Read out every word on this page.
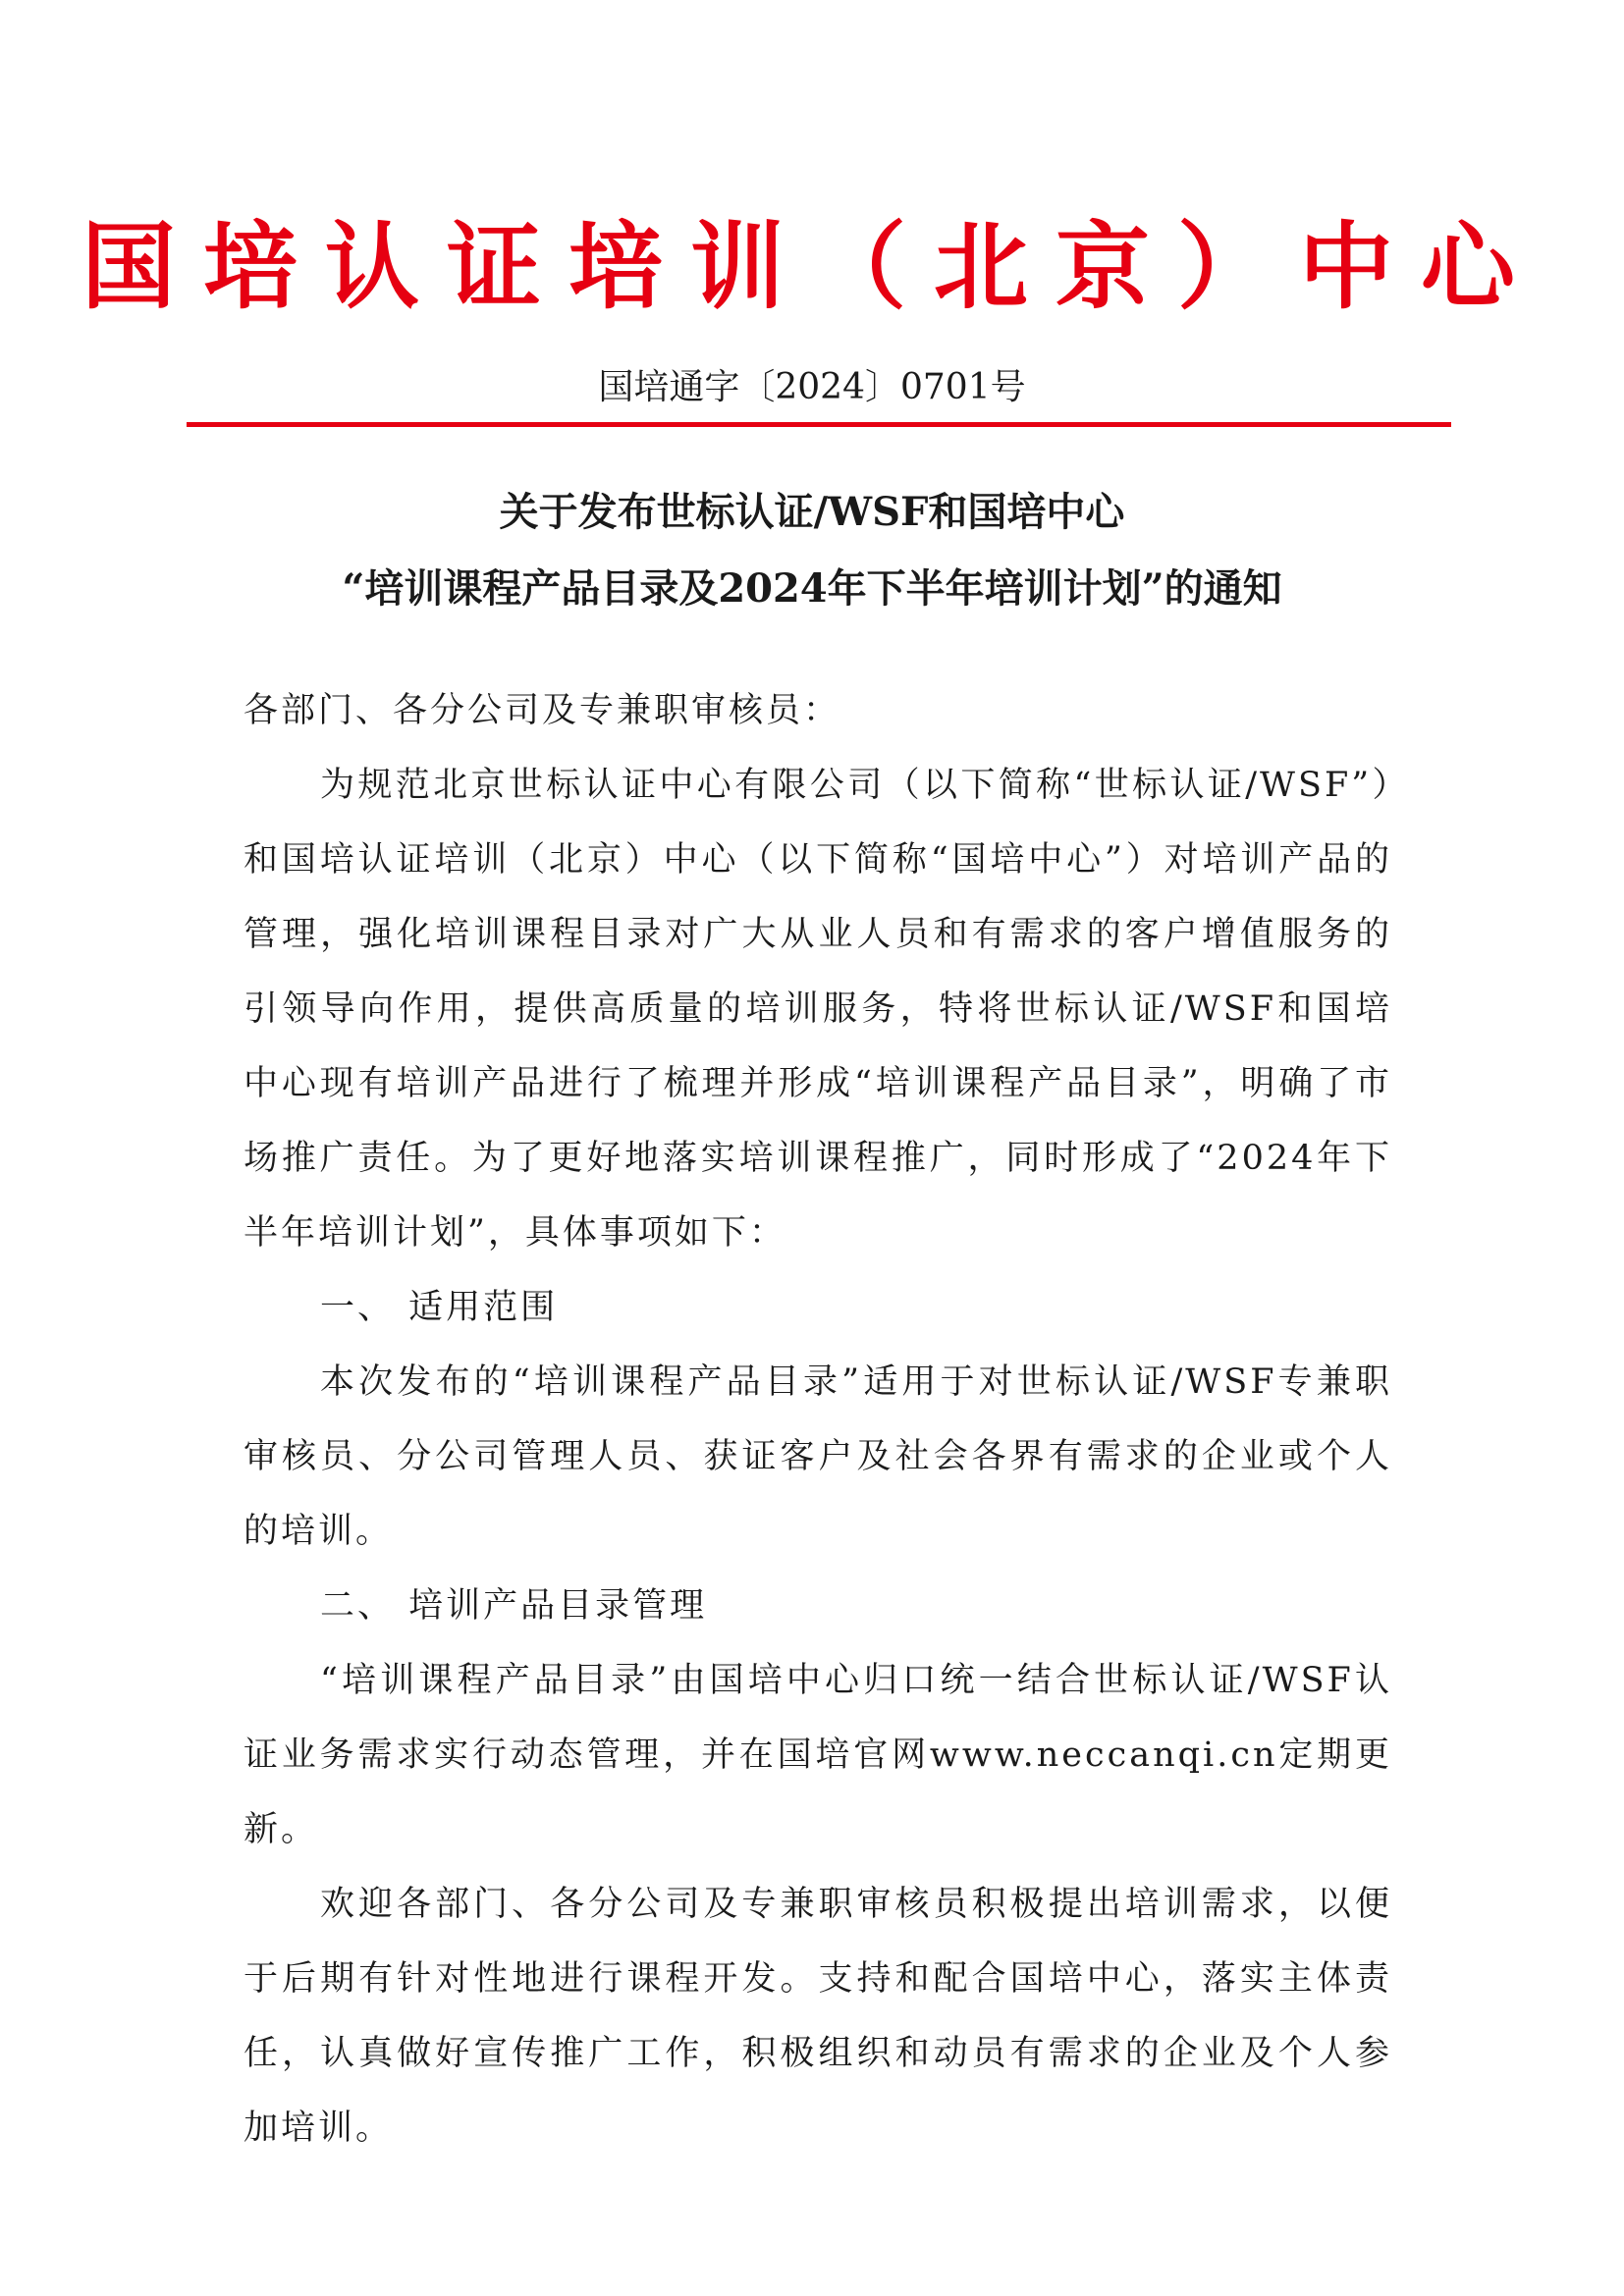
国培认证培训（北京）中心
国培通字〔2024〕0701号
关于发布世标认证/WSF和国培中心
“培训课程产品目录及2024年下半年培训计划”的通知

各部门、各分公司及专兼职审核员：

为规范北京世标认证中心有限公司（以下简称“世标认证/WSF”）和国培认证培训（北京）中心（以下简称“国培中心”）对培训产品的管理，强化培训课程目录对广大从业人员和有需求的客户增值服务的引领导向作用，提供高质量的培训服务，特将世标认证/WSF和国培中心现有培训产品进行了梳理并形成“培训课程产品目录”，明确了市场推广责任。为了更好地落实培训课程推广，同时形成了“2024年下半年培训计划”，具体事项如下：

一、 适用范围

本次发布的“培训课程产品目录”适用于对世标认证/WSF专兼职审核员、分公司管理人员、获证客户及社会各界有需求的企业或个人的培训。

二、 培训产品目录管理

“培训课程产品目录”由国培中心归口统一结合世标认证/WSF认证业务需求实行动态管理，并在国培官网www.neccanqi.cn定期更新。

欢迎各部门、各分公司及专兼职审核员积极提出培训需求，以便于后期有针对性地进行课程开发。支持和配合国培中心，落实主体责任，认真做好宣传推广工作，积极组织和动员有需求的企业及个人参加培训。
